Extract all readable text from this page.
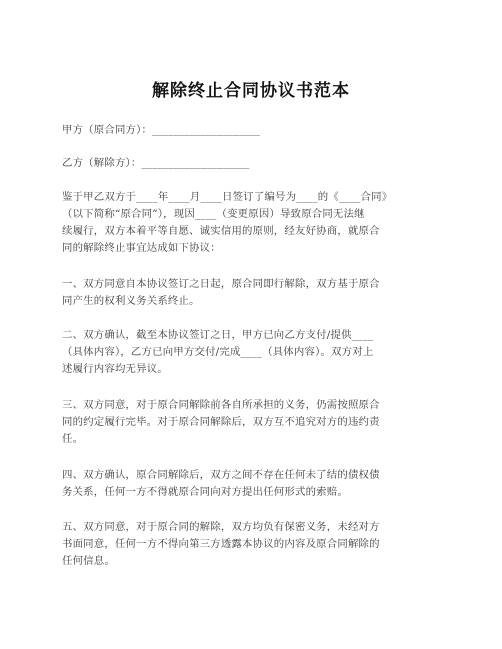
解除终止合同协议书范本
甲方（原合同方）：____________________
乙方（解除方）：____________________
鉴于甲乙双方于____年____月____日签订了编号为____的《____合同》
（以下简称“原合同”），现因____（变更原因）导致原合同无法继
续履行，双方本着平等自愿、诚实信用的原则，经友好协商，就原合
同的解除终止事宜达成如下协议：
一、双方同意自本协议签订之日起，原合同即行解除，双方基于原合
同产生的权利义务关系终止。
二、双方确认，截至本协议签订之日，甲方已向乙方支付/提供____
（具体内容），乙方已向甲方交付/完成____（具体内容）。双方对上
述履行内容均无异议。
三、双方同意，对于原合同解除前各自所承担的义务，仍需按照原合
同的约定履行完毕。对于原合同解除后，双方互不追究对方的违约责
任。
四、双方确认，原合同解除后，双方之间不存在任何未了结的债权债
务关系，任何一方不得就原合同向对方提出任何形式的索赔。
五、双方同意，对于原合同的解除，双方均负有保密义务，未经对方
书面同意，任何一方不得向第三方透露本协议的内容及原合同解除的
任何信息。
